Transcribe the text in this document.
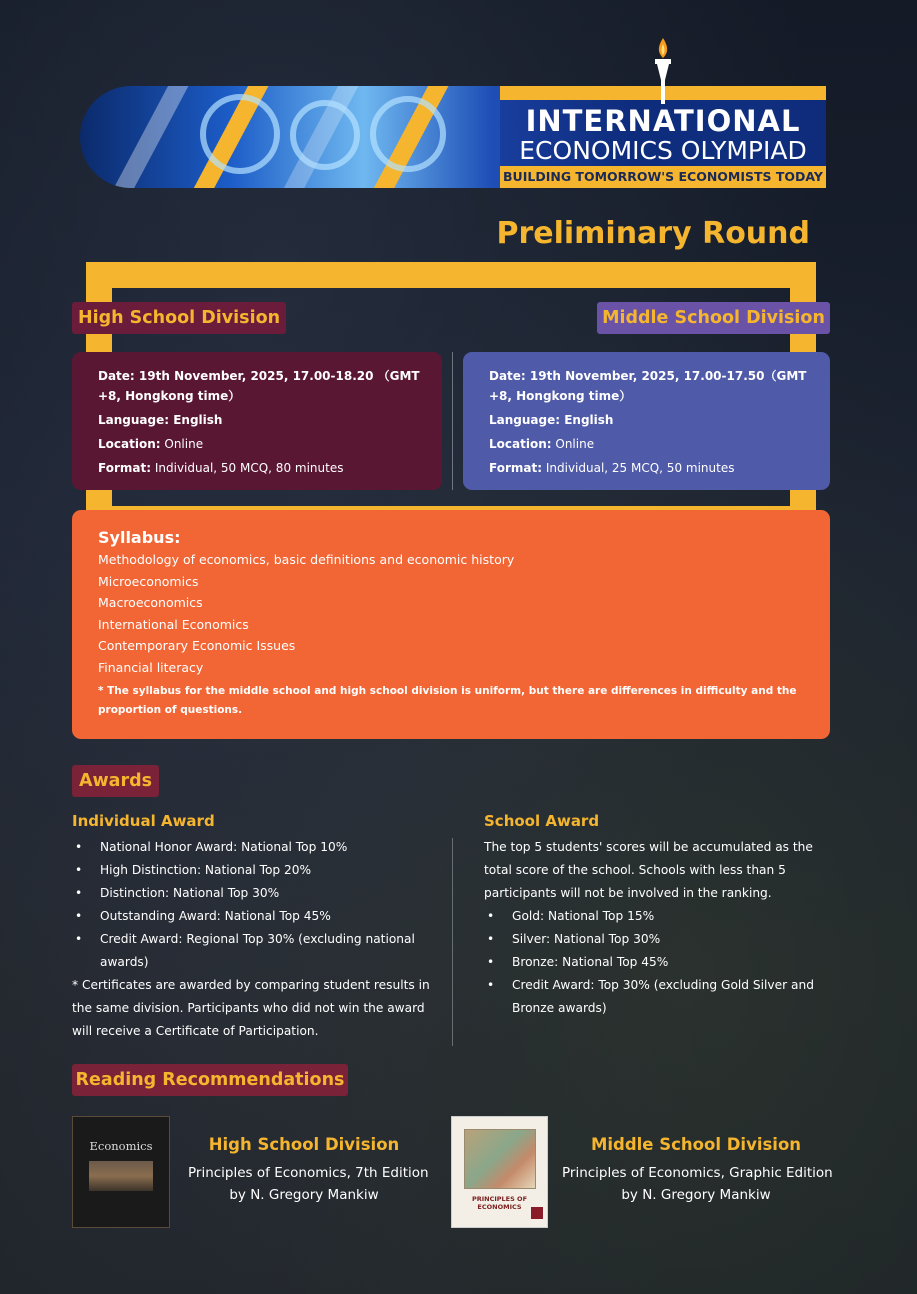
INTERNATIONAL
ECONOMICS OLYMPIAD
BUILDING TOMORROW'S ECONOMISTS TODAY
Preliminary Round
High School Division	Middle School Division
Date: 19th November, 2025, 17.00-18.20 （GMT +8, Hongkong time）
Language: English
Location: Online
Format: Individual, 50 MCQ, 80 minutes
Date: 19th November, 2025, 17.00-17.50（GMT +8, Hongkong time）
Language: English
Location: Online
Format: Individual, 25 MCQ, 50 minutes
Syllabus:
Methodology of economics, basic definitions and economic history
Microeconomics
Macroeconomics
International Economics
Contemporary Economic Issues
Financial literacy
* The syllabus for the middle school and high school division is uniform, but there are differences in difficulty and the proportion of questions.
Awards
Individual Award
• National Honor Award: National Top 10%
• High Distinction: National Top 20%
• Distinction: National Top 30%
• Outstanding Award: National Top 45%
• Credit Award: Regional Top 30% (excluding national awards)
* Certificates are awarded by comparing student results in the same division. Participants who did not win the award will receive a Certificate of Participation.
School Award
The top 5 students' scores will be accumulated as the total score of the school. Schools with less than 5 participants will not be involved in the ranking.
• Gold: National Top 15%
• Silver: National Top 30%
• Bronze: National Top 45%
• Credit Award: Top 30% (excluding Gold Silver and Bronze awards)
Reading Recommendations
Economics	High School Division
Principles of Economics, 7th Edition
by N. Gregory Mankiw	PRINCIPLES OF ECONOMICS
Middle School Division
Principles of Economics, Graphic Edition
by N. Gregory Mankiw
